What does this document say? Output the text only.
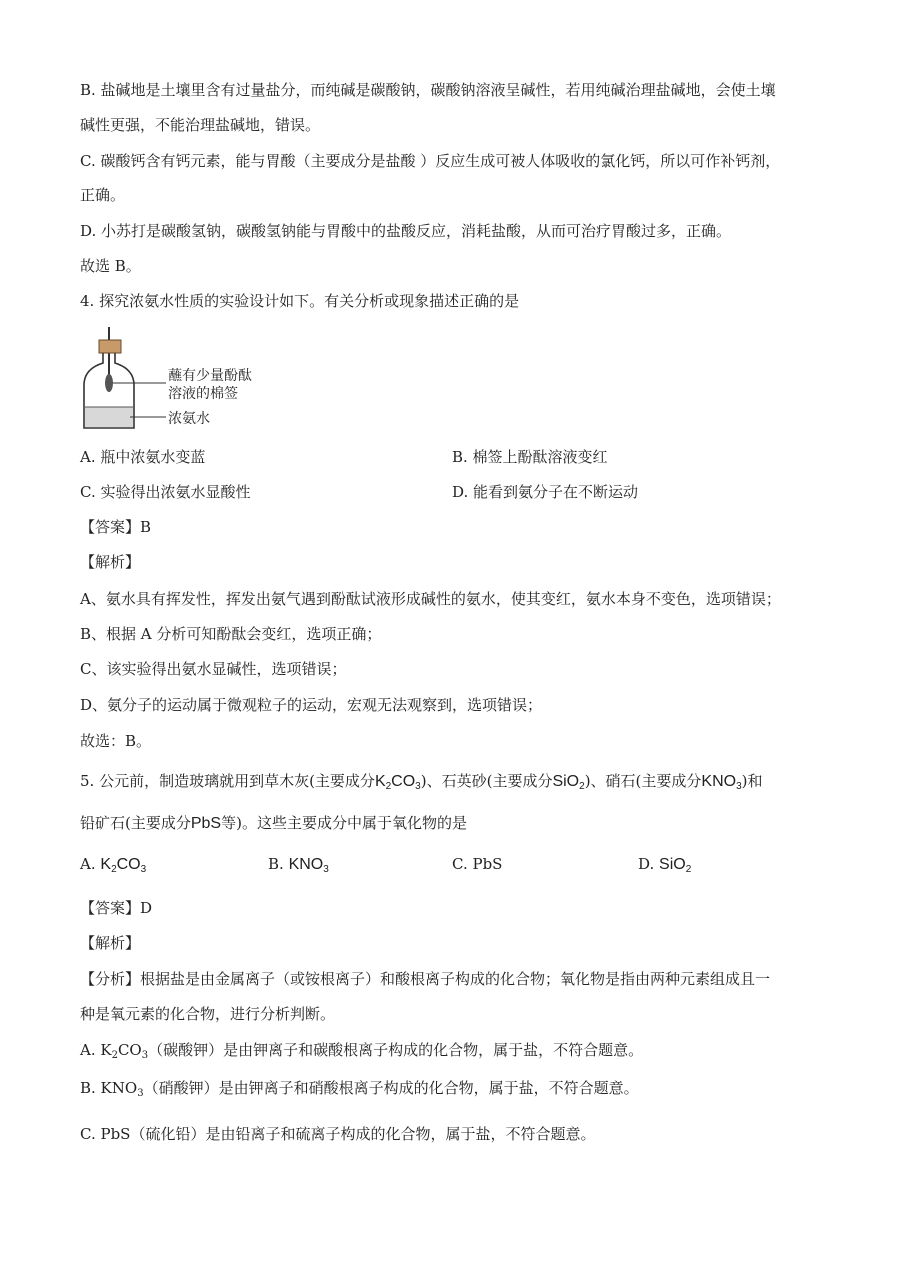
B. 盐碱地是土壤里含有过量盐分，而纯碱是碳酸钠，碳酸钠溶液呈碱性，若用纯碱治理盐碱地，会使土壤
碱性更强，不能治理盐碱地，错误。
C. 碳酸钙含有钙元素，能与胃酸（主要成分是盐酸 ）反应生成可被人体吸收的氯化钙，所以可作补钙剂，
正确。
D. 小苏打是碳酸氢钠，碳酸氢钠能与胃酸中的盐酸反应，消耗盐酸，从而可治疗胃酸过多，正确。
故选 B。
4. 探究浓氨水性质的实验设计如下。有关分析或现象描述正确的是
蘸有少量酚酞
溶液的棉签
浓氨水
A. 瓶中浓氨水变蓝	B. 棉签上酚酞溶液变红
C. 实验得出浓氨水显酸性	D. 能看到氨分子在不断运动
【答案】B
【解析】
A、氨水具有挥发性，挥发出氨气遇到酚酞试液形成碱性的氨水，使其变红，氨水本身不变色，选项错误；
B、根据 A 分析可知酚酞会变红，选项正确；
C、该实验得出氨水显碱性，选项错误；
D、氨分子的运动属于微观粒子的运动，宏观无法观察到，选项错误；
故选：B。
5. 公元前，制造玻璃就用到草木灰(主要成分$K_2CO_3$)、石英砂(主要成分SiO$_2$)、硝石(主要成分$KNO_3$)和
铅矿石(主要成分PbS等)。这些主要成分中属于氧化物的是
A. $K_2CO_3$	B. $KNO_3$	C. PbS	D. SiO$_2$
【答案】D
【解析】
【分析】根据盐是由金属离子（或铵根离子）和酸根离子构成的化合物；氧化物是指由两种元素组成且一
种是氧元素的化合物，进行分析判断。
A. $K_2CO_3$（碳酸钾）是由钾离子和碳酸根离子构成的化合物，属于盐，不符合题意。
B. $KNO_3$（硝酸钾）是由钾离子和硝酸根离子构成的化合物，属于盐，不符合题意。
C. PbS（硫化铅）是由铅离子和硫离子构成的化合物，属于盐，不符合题意。
